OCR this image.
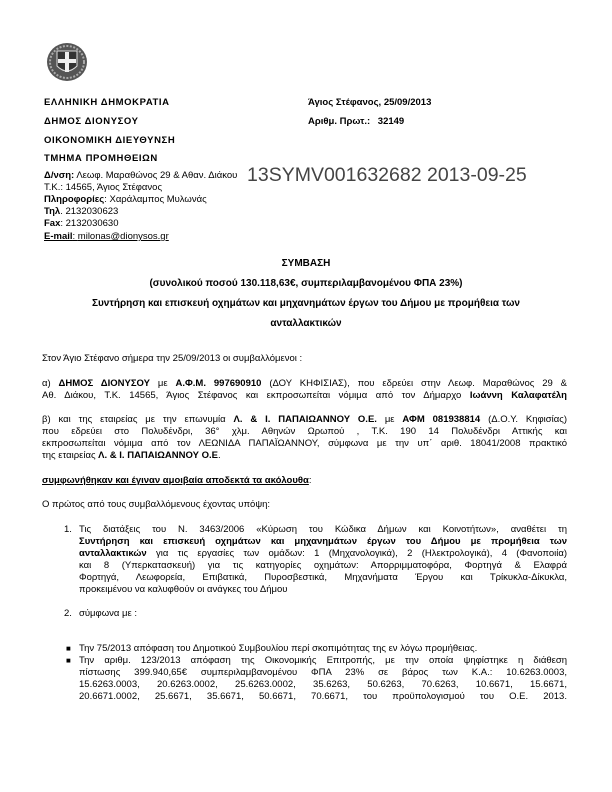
ΕΛΛΗΝΙΚΗ ΔΗΜΟΚΡΑΤΙΑ
ΔΗΜΟΣ ΔΙΟΝΥΣΟΥ
ΟΙΚΟΝΟΜΙΚΗ ΔΙΕΥΘΥΝΣΗ
ΤΜΗΜΑ ΠΡΟΜΗΘΕΙΩΝ
Άγιος Στέφανος, 25/09/2013
Αριθμ. Πρωτ.: 32149
Δ/νση: Λεωφ. Μαραθώνος 29 & Αθαν. Διάκου
Τ.Κ.: 14565, Άγιος Στέφανος
Πληροφορίες: Χαράλαμπος Μυλωνάς
Τηλ. 2132030623
Fax: 2132030630
E-mail: milonas@dionysos.gr
13SYMV001632682 2013-09-25
ΣΥΜΒΑΣΗ
(συνολικού ποσού 130.118,63€, συμπεριλαμβανομένου ΦΠΑ 23%)
Συντήρηση και επισκευή οχημάτων και μηχανημάτων έργων του Δήμου με προμήθεια των
ανταλλακτικών
Στον Άγιο Στέφανο σήμερα την 25/09/2013 οι συμβαλλόμενοι :
α) ΔΗΜΟΣ ΔΙΟΝΥΣΟΥ με Α.Φ.Μ. 997690910 (ΔΟΥ ΚΗΦΙΣΙΑΣ), που εδρεύει στην Λεωφ. Μαραθώνος 29 &
Αθ. Διάκου, Τ.Κ. 14565, Άγιος Στέφανος και εκπροσωπείται νόμιμα από τον Δήμαρχο Ιωάννη Καλαφατέλη
β) και της εταιρείας με την επωνυμία Λ. & Ι. ΠΑΠΑΙΩΑΝΝΟΥ Ο.Ε. με ΑΦΜ 081938814 (Δ.Ο.Υ. Κηφισίας)
που εδρεύει στο Πολυδένδρι, 36° χλμ. Αθηνών Ωρωπού , Τ.Κ. 190 14 Πολυδένδρι Αττικής και
εκπροσωπείται νόμιμα από τον ΛΕΩΝΙΔΑ ΠΑΠΑΪΩΑΝΝΟΥ, σύμφωνα με την υπ΄ αριθ. 18041/2008 πρακτικό
της εταιρείας Λ. & Ι. ΠΑΠΑΙΩΑΝΝΟΥ Ο.Ε.
συμφωνήθηκαν και έγιναν αμοιβαία αποδεκτά τα ακόλουθα:
Ο πρώτος από τους συμβαλλόμενους έχοντας υπόψη:
1. Τις διατάξεις του Ν. 3463/2006 «Κύρωση του Κώδικα Δήμων και Κοινοτήτων», αναθέτει τη
Συντήρηση και επισκευή οχημάτων και μηχανημάτων έργων του Δήμου με προμήθεια των
ανταλλακτικών για τις εργασίες των ομάδων: 1 (Μηχανολογικά), 2 (Ηλεκτρολογικά), 4 (Φανοποιία)
και 8 (Υπερκατασκευή) για τις κατηγορίες οχημάτων: Απορριμματοφόρα, Φορτηγά & Ελαφρά
Φορτηγά, Λεωφορεία, Επιβατικά, Πυροσβεστικά, Μηχανήματα Έργου και Τρίκυκλα-Δίκυκλα,
προκειμένου να καλυφθούν οι ανάγκες του Δήμου
2. σύμφωνα με :
■ Την 75/2013 απόφαση του Δημοτικού Συμβουλίου περί σκοπιμότητας της εν λόγω προμήθειας.
■ Την αριθμ. 123/2013 απόφαση της Οικονομικής Επιτροπής, με την οποία ψηφίστηκε η διάθεση
πίστωσης 399.940,65€ συμπεριλαμβανομένου ΦΠΑ 23% σε βάρος των Κ.Α.: 10.6263.0003,
15.6263.0003, 20.6263.0002, 25.6263.0002, 35.6263, 50.6263, 70.6263, 10.6671, 15.6671,
20.6671.0002, 25.6671, 35.6671, 50.6671, 70.6671, του προϋπολογισμού του Ο.Ε. 2013.
